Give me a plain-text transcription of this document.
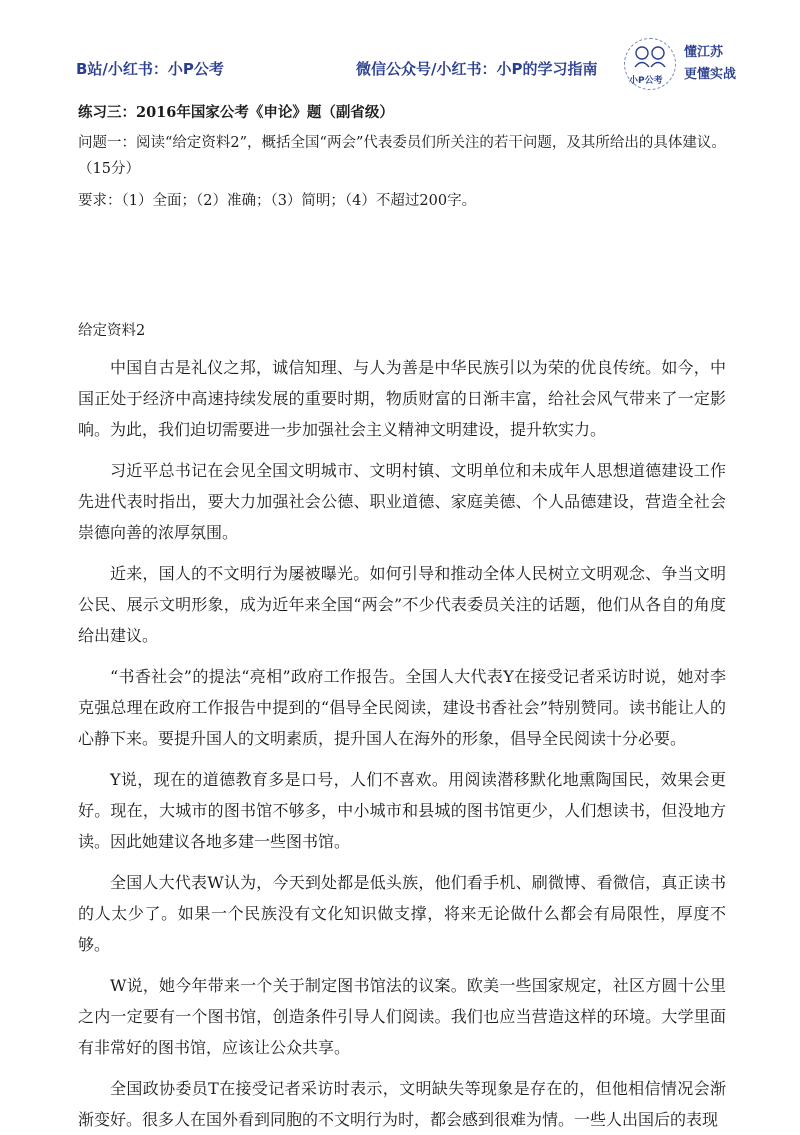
B站/小红书：小P公考	微信公众号/小红书：小P的学习指南
小P公考
懂江苏
更懂实战

练习三：2016年国家公考《申论》题（副省级）

问题一：阅读“给定资料2”，概括全国“两会”代表委员们所关注的若干问题，及其所给出的具体建议。（15分）

要求：（1）全面；（2）准确；（3）简明；（4）不超过200字。

给定资料2

中国自古是礼仪之邦，诚信知理、与人为善是中华民族引以为荣的优良传统。如今，中国正处于经济中高速持续发展的重要时期，物质财富的日渐丰富，给社会风气带来了一定影响。为此，我们迫切需要进一步加强社会主义精神文明建设，提升软实力。

习近平总书记在会见全国文明城市、文明村镇、文明单位和未成年人思想道德建设工作先进代表时指出，要大力加强社会公德、职业道德、家庭美德、个人品德建设，营造全社会崇德向善的浓厚氛围。

近来，国人的不文明行为屡被曝光。如何引导和推动全体人民树立文明观念、争当文明公民、展示文明形象，成为近年来全国“两会”不少代表委员关注的话题，他们从各自的角度给出建议。

“书香社会”的提法“亮相”政府工作报告。全国人大代表Y在接受记者采访时说，她对李克强总理在政府工作报告中提到的“倡导全民阅读，建设书香社会”特别赞同。读书能让人的心静下来。要提升国人的文明素质，提升国人在海外的形象，倡导全民阅读十分必要。

Y说，现在的道德教育多是口号，人们不喜欢。用阅读潜移默化地熏陶国民，效果会更好。现在，大城市的图书馆不够多，中小城市和县城的图书馆更少，人们想读书，但没地方读。因此她建议各地多建一些图书馆。

全国人大代表W认为，今天到处都是低头族，他们看手机、刷微博、看微信，真正读书的人太少了。如果一个民族没有文化知识做支撑，将来无论做什么都会有局限性，厚度不够。

W说，她今年带来一个关于制定图书馆法的议案。欧美一些国家规定，社区方圆十公里之内一定要有一个图书馆，创造条件引导人们阅读。我们也应当营造这样的环境。大学里面有非常好的图书馆，应该让公众共享。

全国政协委员T在接受记者采访时表示，文明缺失等现象是存在的，但他相信情况会渐渐变好。很多人在国外看到同胞的不文明行为时，都会感到很难为情。一些人出国后的表现
